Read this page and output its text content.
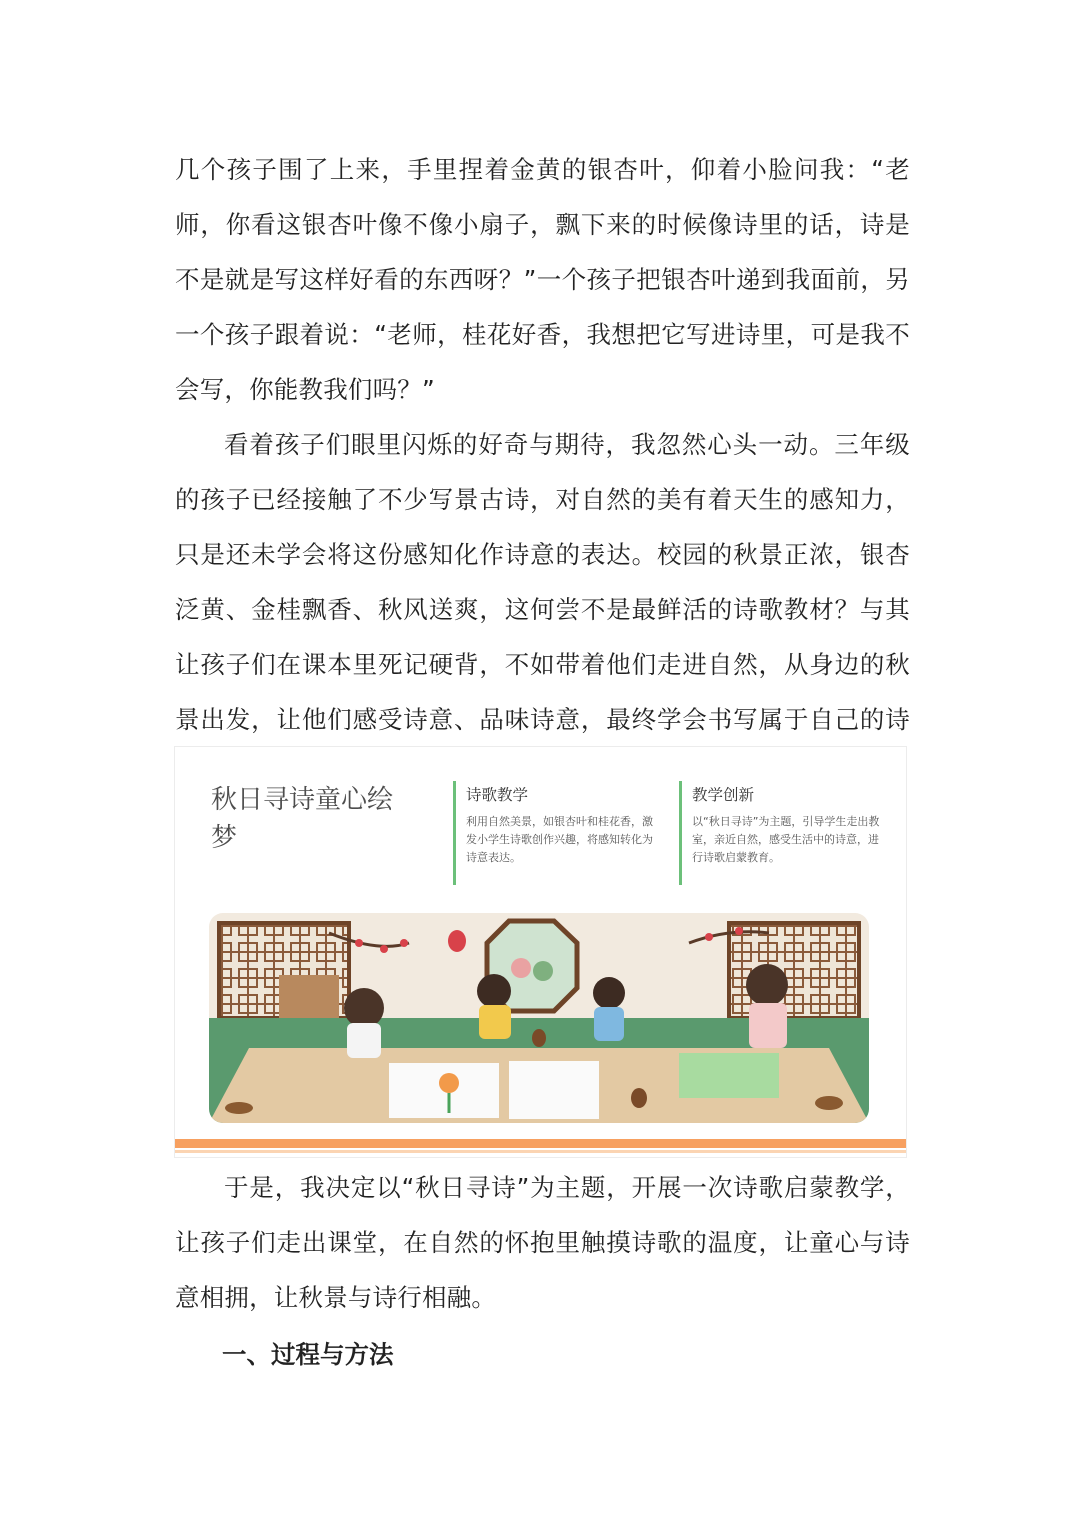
几个孩子围了上来，手里捏着金黄的银杏叶，仰着小脸问我：“老师，你看这银杏叶像不像小扇子，飘下来的时候像诗里的话，诗是不是就是写这样好看的东西呀？”一个孩子把银杏叶递到我面前，另一个孩子跟着说：“老师，桂花好香，我想把它写进诗里，可是我不会写，你能教我们吗？”

看着孩子们眼里闪烁的好奇与期待，我忽然心头一动。三年级的孩子已经接触了不少写景古诗，对自然的美有着天生的感知力，只是还未学会将这份感知化作诗意的表达。校园的秋景正浓，银杏泛黄、金桂飘香、秋风送爽，这何尝不是最鲜活的诗歌教材？与其让孩子们在课本里死记硬背，不如带着他们走进自然，从身边的秋景出发，让他们感受诗意、品味诗意，最终学会书写属于自己的诗

秋日寻诗童心绘梦
诗歌教学

利用自然美景，如银杏叶和桂花香，激发小学生诗歌创作兴趣，将感知转化为诗意表达。

教学创新

以“秋日寻诗”为主题，引导学生走出教室，亲近自然，感受生活中的诗意，进行诗歌启蒙教育。

于是，我决定以“秋日寻诗”为主题，开展一次诗歌启蒙教学，让孩子们走出课堂，在自然的怀抱里触摸诗歌的温度，让童心与诗意相拥，让秋景与诗行相融。

一、过程与方法
